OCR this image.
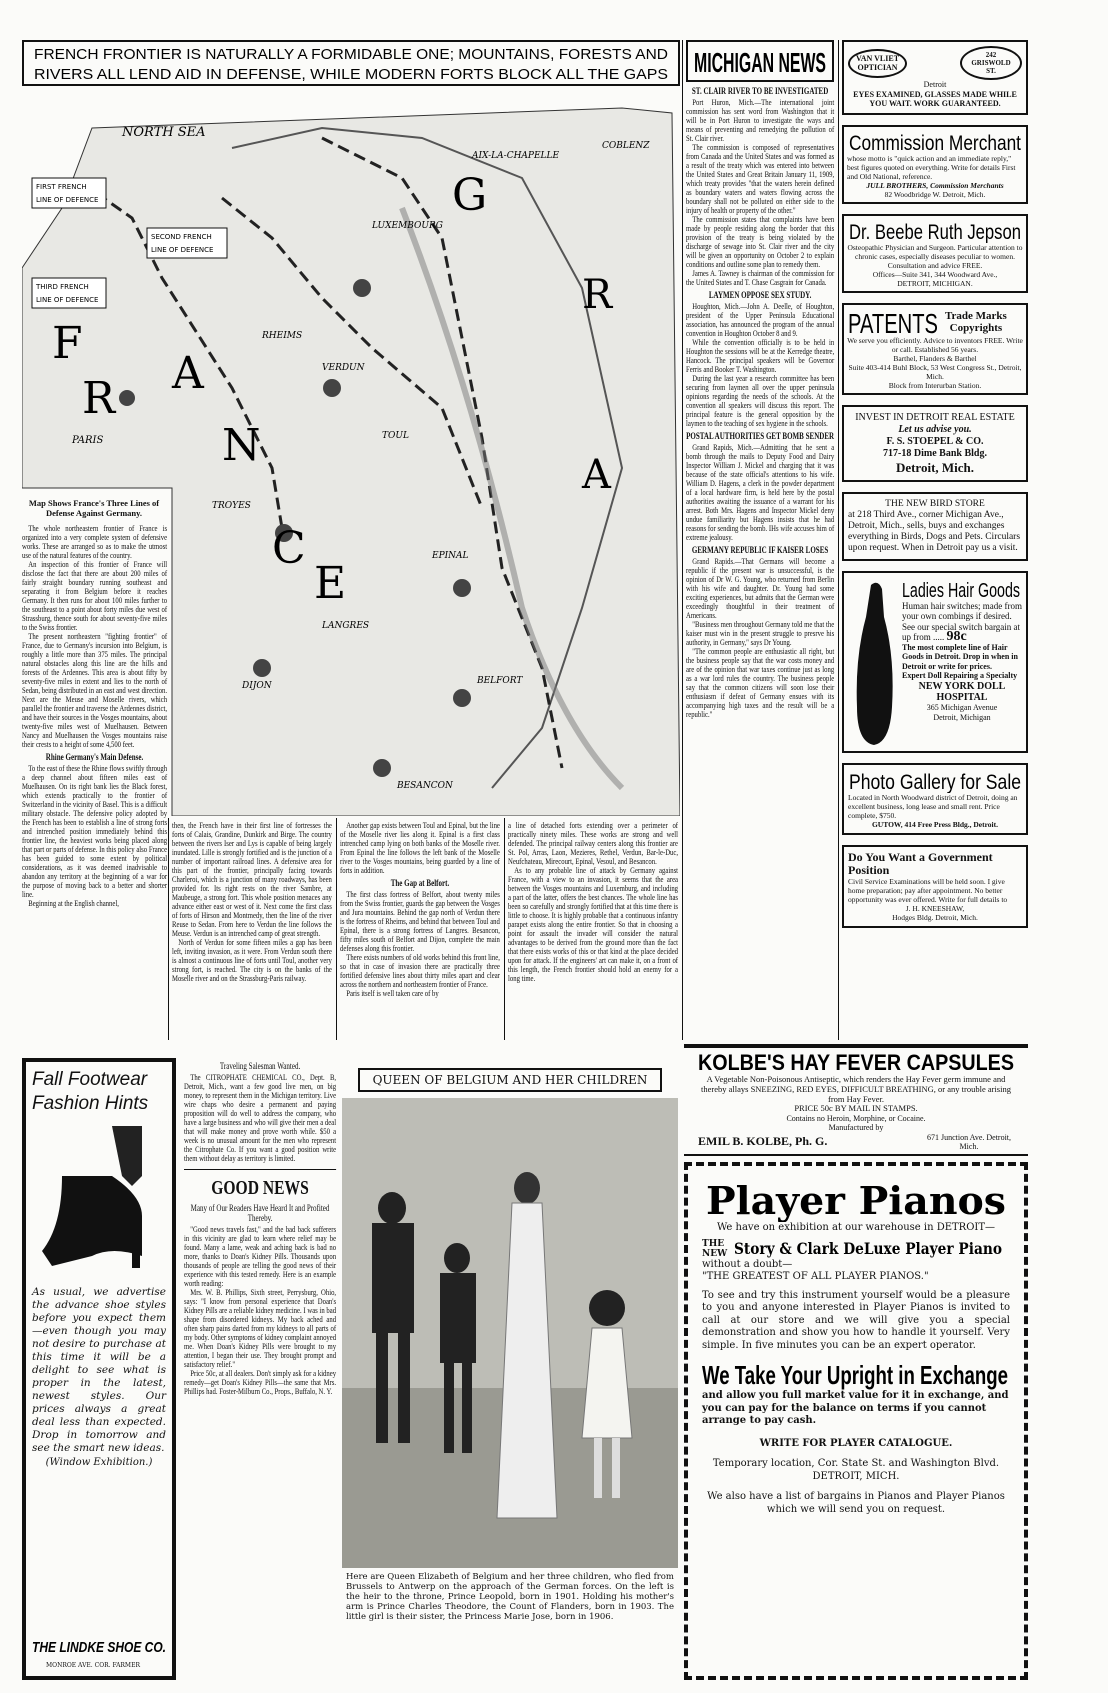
NORTH SEA
F
R A
N
C
E
G
R
A
PARIS
VERDUN
TOUL
EPINAL
BELFORT
LANGRES
DIJON
BESANCON
TROYES
RHEIMS
LUXEMBOURG
AIX-LA-CHAPELLE
COBLENZ
FIRST FRENCH
LINE OF DEFENCE
SECOND FRENCH
LINE OF DEFENCE
THIRD FRENCH
LINE OF DEFENCE
FRENCH FRONTIER IS NATURALLY A FORMIDABLE ONE; MOUNTAINS, FORESTS AND
RIVERS ALL LEND AID IN DEFENSE, WHILE MODERN FORTS BLOCK ALL THE GAPS
Map Shows France's Three Lines of Defense Against Germany.

The whole northeastern frontier of France is organized into a very complete system of defensive works. These are arranged so as to make the utmost use of the natural features of the country.

An inspection of this frontier of France will disclose the fact that there are about 200 miles of fairly straight boundary running southeast and separating it from Belgium before it reaches Germany. It then runs for about 100 miles further to the southeast to a point about forty miles due west of Strassburg, thence south for about seventy-five miles to the Swiss frontier.

The present northeastern "fighting frontier" of France, due to Germany's incursion into Belgium, is roughly a little more than 375 miles. The principal natural obstacles along this line are the hills and forests of the Ardennes. This area is about fifty by seventy-five miles in extent and lies to the north of Sedan, being distributed in an east and west direction. Next are the Meuse and Moselle rivers, which parallel the frontier and traverse the Ardennes district, and have their sources in the Vosges mountains, about twenty-five miles west of Muelhausen. Between Nancy and Muelhausen the Vosges mountains raise their crests to a height of some 4,500 feet.

Rhine Germany's Main Defense.

To the east of these the Rhine flows swiftly through a deep channel about fifteen miles east of Muelhausen. On its right bank lies the Black forest, which extends practically to the frontier of Switzerland in the vicinity of Basel. This is a difficult military obstacle. The defensive policy adopted by the French has been to establish a line of strong forts and intrenched position immediately behind this frontier line, the heaviest works being placed along that part or parts of defense. In this policy also France has been guided to some extent by political considerations, as it was deemed inadvisable to abandon any territory at the beginning of a war for the purpose of moving back to a better and shorter line.

Beginning at the English channel,

then, the French have in their first line of fortresses the forts of Calais, Grandine, Dunkirk and Birge. The country between the rivers Iser and Lys is capable of being largely inundated. Lille is strongly fortified and is the junction of a number of important railroad lines. A defensive area for this part of the frontier, principally facing towards Charleroi, which is a junction of many roadways, has been provided for. Its right rests on the river Sambre, at Maubeuge, a strong fort. This whole position menaces any advance either east or west of it. Next come the first class of forts of Hirson and Montmedy, then the line of the river Reuse to Sedan. From here to Verdun the line follows the Meuse. Verdun is an intrenched camp of great strength.

North of Verdun for some fifteen miles a gap has been left, inviting invasion, as it were. From Verdun south there is almost a continuous line of forts until Toul, another very strong fort, is reached. The city is on the banks of the Moselle river and on the Strassburg-Paris railway.

Another gap exists between Toul and Epinal, but the line of the Moselle river lies along it. Epinal is a first class intrenched camp lying on both banks of the Moselle river. From Epinal the line follows the left bank of the Moselle river to the Vosges mountains, being guarded by a line of forts in addition.

The Gap at Belfort.

The first class fortress of Belfort, about twenty miles from the Swiss frontier, guards the gap between the Vosges and Jura mountains. Behind the gap north of Verdun there is the fortress of Rheims, and behind that between Toul and Epinal, there is a strong fortress of Langres. Besancon, fifty miles south of Belfort and Dijon, complete the main defenses along this frontier.

There exists numbers of old works behind this front line, so that in case of invasion there are practically three fortified defensive lines about thirty miles apart and clear across the northern and northeastern frontier of France.

Paris itself is well taken care of by

a line of detached forts extending over a perimeter of practically ninety miles. These works are strong and well defended. The principal railway centers along this frontier are St. Pol, Arras, Laon, Mezieres, Rethel, Verdun, Bar-le-Duc, Neufchateau, Mirecourt, Epinal, Vesoul, and Besancon.

As to any probable line of attack by Germany against France, with a view to an invasion, it seems that the area between the Vosges mountains and Luxemburg, and including a part of the latter, offers the best chances. The whole line has been so carefully and strongly fortified that at this time there is little to choose. It is highly probable that a continuous infantry parapet exists along the entire frontier. So that in choosing a point for assault the invader will consider the natural advantages to be derived from the ground more than the fact that there exists works of this or that kind at the place decided upon for attack. If the engineers' art can make it, on a front of this length, the French frontier should hold an enemy for a long time.

MICHIGAN NEWS
ST. CLAIR RIVER TO BE INVESTIGATED

Port Huron, Mich.—The international joint commission has sent word from Washington that it will be in Port Huron to investigate the ways and means of preventing and remedying the pollution of St. Clair river.

The commission is composed of representatives from Canada and the United States and was formed as a result of the treaty which was entered into between the United States and Great Britain January 11, 1909, which treaty provides "that the waters herein defined as boundary waters and waters flowing across the boundary shall not be polluted on either side to the injury of health or property of the other."

The commission states that complaints have been made by people residing along the border that this provision of the treaty is being violated by the discharge of sewage into St. Clair river and the city will be given an opportunity on October 2 to explain conditions and outline some plan to remedy them.

James A. Tawney is chairman of the commission for the United States and T. Chase Casgrain for Canada.

LAYMEN OPPOSE SEX STUDY.

Houghton, Mich.—John A. Deelle, of Houghton, president of the Upper Peninsula Educational association, has announced the program of the annual convention in Houghton October 8 and 9.

While the convention officially is to be held in Houghton the sessions will be at the Kerredge theatre, Hancock. The principal speakers will be Governor Ferris and Booker T. Washington.

During the last year a research committee has been securing from laymen all over the upper peninsula opinions regarding the needs of the schools. At the convention all speakers will discuss this report. The principal feature is the general opposition by the laymen to the teaching of sex hygiene in the schools.

POSTAL AUTHORITIES GET BOMB SENDER

Grand Rapids, Mich.—Admitting that he sent a bomb through the mails to Deputy Food and Dairy Inspector William J. Mickel and charging that it was because of the state official's attentions to his wife. William D. Hagens, a clerk in the powder department of a local hardware firm, is held here by the postal authorities awaiting the issuance of a warrant for his arrest. Both Mrs. Hagens and Inspector Mickel deny undue familiarity but Hagens insists that he had reasons for sending the bomb. IHs wife accuses him of extreme jealousy.

GERMANY REPUBLIC IF KAISER LOSES

Grand Rapids.—That Germans will become a republic if the present war is unsuccessful, is the opinion of Dr W. G. Young, who returned from Berlin with his wife and daughter. Dr. Young had some exciting experiences, but admits that the German were exceedingly thoughtful in their treatment of Americans.

"Business men throughout Germany told me that the kaiser must win in the present struggle to presrve his authority, in Germany," says Dr Young.

"The common people are enthusiastic all right, but the business people say that the war costs money and are of the opinion that war taxes continue just as long as a war lord rules the country. The business people say that the common citizens will soon lose their enthusiasm if defeat of Germany ensues with its accompanying high taxes and the result will be a republic."

VAN VLIET
OPTICIAN
242 GRISWOLD ST.
Detroit
EYES EXAMINED, GLASSES MADE WHILE YOU WAIT. WORK GUARANTEED.
Commission Merchant
whose motto is "quick action and an immediate reply," best figures quoted on everything. Write for details First and Old National, reference.
JULL BROTHERS, Commission Merchants
82 Woodbridge W. Detroit, Mich.
Dr. Beebe Ruth Jepson
Osteopathic Physician and Surgeon. Particular attention to chronic cases, especially diseases peculiar to women. Consultation and advice FREE.
Offices—Suite 341, 344 Woodward Ave.,
DETROIT, MICHIGAN.
PATENTS Trade Marks
Copyrights
We serve you efficiently. Advice to inventors FREE. Write or call. Established 56 years.
Barthel, Flanders & Barthel
Suite 403-414 Buhl Block, 53 West Congress St., Detroit, Mich.
Block from Interurban Station.
INVEST IN DETROIT REAL ESTATE
Let us advise you.
F. S. STOEPEL & CO.
717-18 Dime Bank Bldg.
Detroit, Mich.
THE NEW BIRD STORE
at 218 Third Ave., corner Michigan Ave., Detroit, Mich., sells, buys and exchanges everything in Birds, Dogs and Pets. Circulars upon request. When in Detroit pay us a visit.
Ladies Hair Goods
Human hair switches; made from your own combings if desired. See our special switch bargain at up from ..... 98c
The most complete line of Hair Goods in Detroit. Drop in when in Detroit or write for prices.
Expert Doll Repairing a Specialty
NEW YORK DOLL HOSPITAL
365 Michigan Avenue
Detroit, Michigan
Photo Gallery for Sale
Located in North Woodward district of Detroit, doing an excellent business, long lease and small rent. Price complete, $750.
GUTOW, 414 Free Press Bldg., Detroit.
Do You Want a Government Position
Civil Service Examinations will be held soon. I give home preparation; pay after appointment. No better opportunity was ever offered. Write for full details to
J. H. KNEESHAW,
Hodges Bldg. Detroit, Mich.
KOLBE'S HAY FEVER CAPSULES
A Vegetable Non-Poisonous Antiseptic, which renders the Hay Fever germ immune and thereby allays SNEEZING, RED EYES, DIFFICULT BREATHING, or any trouble arising from Hay Fever.
PRICE 50c BY MAIL IN STAMPS.
Contains no Heroin, Morphine, or Cocaine.
Manufactured by
EMIL B. KOLBE, Ph. G.	671 Junction Ave. Detroit, Mich.
Player Pianos
We have on exhibition at our warehouse in DETROIT—
THE NEW Story & Clark DeLuxe Player Piano
without a doubt—
"THE GREATEST OF ALL PLAYER PIANOS."
To see and try this instrument yourself would be a pleasure to you and anyone interested in Player Pianos is invited to call at our store and we will give you a special demonstration and show you how to handle it yourself. Very simple. In five minutes you can be an expert operator.
We Take Your Upright in Exchange
and allow you full market value for it in exchange, and you can pay for the balance on terms if you cannot arrange to pay cash.
WRITE FOR PLAYER CATALOGUE.
Temporary location, Cor. State St. and Washington Blvd. DETROIT, MICH.
We also have a list of bargains in Pianos and Player Pianos which we will send you on request.
Fall Footwear
Fashion Hints
As usual, we advertise the advance shoe styles before you expect them—even though you may not desire to purchase at this time it will be a delight to see what is proper in the latest, newest styles. Our prices always a great deal less than expected. Drop in tomorrow and see the smart new ideas.
(Window Exhibition.)
THE LINDKE SHOE CO.
MONROE AVE. COR. FARMER
Traveling Salesman Wanted.

The CITROPHATE CHEMICAL CO., Dept. B, Detroit, Mich., want a few good live men, on big money, to represent them in the Michigan territory. Live wire chaps who desire a permanent and paying proposition will do well to address the company, who have a large business and who will give their men a deal that will make money and prove worth while. $50 a week is no unusual amount for the men who represent the Citrophate Co. If you want a good position write them without delay as territory is limited.

GOOD NEWS
Many of Our Readers Have Heard It and Profited Thereby.

"Good news travels fast," and the bad back sufferers in this vicinity are glad to learn where relief may be found. Many a lame, weak and aching back is bad no more, thanks to Doan's Kidney Pills. Thousands upon thousands of people are telling the good news of their experience with this tested remedy. Here is an example worth reading:

Mrs. W. B. Phillips, Sixth street, Perrysburg, Ohio, says: "I know from personal experience that Doan's Kidney Pills are a reliable kidney medicine. I was in bad shape from disordered kidneys. My back ached and often sharp pains darted from my kidneys to all parts of my body. Other symptoms of kidney complaint annoyed me. When Doan's Kidney Pills were brought to my attention, I began their use. They brought prompt and satisfactory relief."

Price 50c, at all dealers. Don't simply ask for a kidney remedy—get Doan's Kidney Pills—the same that Mrs. Phillips had. Foster-Milburn Co., Props., Buffalo, N. Y.

QUEEN OF BELGIUM AND HER CHILDREN
Here are Queen Elizabeth of Belgium and her three children, who fled from Brussels to Antwerp on the approach of the German forces. On the left is the heir to the throne, Prince Leopold, born in 1901. Holding his mother's arm is Prince Charles Theodore, the Count of Flanders, born in 1903. The little girl is their sister, the Princess Marie Jose, born in 1906.
